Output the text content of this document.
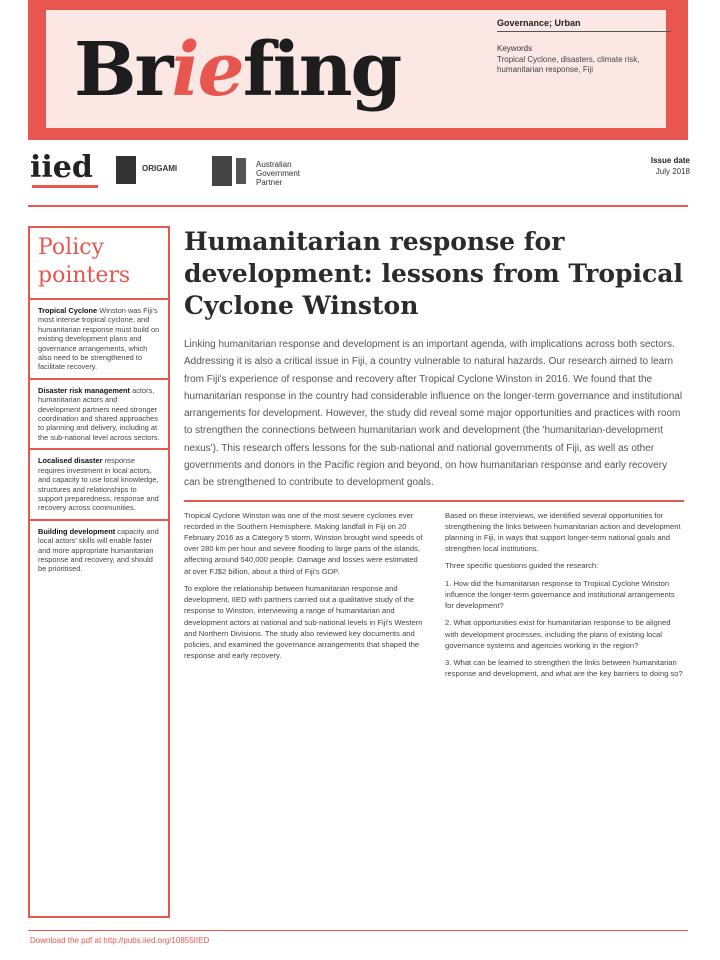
Briefing
Governance; Urban
Keywords
Tropical Cyclone, disasters, climate risk, humanitarian response, Fiji
iied	ORIGAMI	Australian
Government
Partner
Issue date
July 2018
Policy pointers
Tropical Cyclone Winston was Fiji's most intense tropical cyclone, and humanitarian response must build on existing development plans and governance arrangements, which also need to be strengthened to facilitate recovery.
Disaster risk management actors, humanitarian actors and development partners need stronger coordination and shared approaches to planning and delivery, including at the sub-national level across sectors.
Localised disaster response requires investment in local actors, and capacity to use local knowledge, structures and relationships to support preparedness, response and recovery across communities.
Building development capacity and local actors' skills will enable faster and more appropriate humanitarian response and recovery, and should be prioritised.
Humanitarian response for development: lessons from Tropical Cyclone Winston
Linking humanitarian response and development is an important agenda, with implications across both sectors. Addressing it is also a critical issue in Fiji, a country vulnerable to natural hazards. Our research aimed to learn from Fiji's experience of response and recovery after Tropical Cyclone Winston in 2016. We found that the humanitarian response in the country had considerable influence on the longer-term governance and institutional arrangements for development. However, the study did reveal some major opportunities and practices with room to strengthen the connections between humanitarian work and development (the 'humanitarian-development nexus'). This research offers lessons for the sub-national and national governments of Fiji, as well as other governments and donors in the Pacific region and beyond, on how humanitarian response and early recovery can be strengthened to contribute to development goals.

Tropical Cyclone Winston was one of the most severe cyclones ever recorded in the Southern Hemisphere. Making landfall in Fiji on 20 February 2016 as a Category 5 storm, Winston brought wind speeds of over 280 km per hour and severe flooding to large parts of the islands, affecting around 540,000 people. Damage and losses were estimated at over FJ$2 billion, about a third of Fiji's GDP.

To explore the relationship between humanitarian response and development, IIED with partners carried out a qualitative study of the response to Winston, interviewing a range of humanitarian and development actors at national and sub-national levels in Fiji's Western and Northern Divisions. The study also reviewed key documents and policies, and examined the governance arrangements that shaped the response and early recovery.

Based on these interviews, we identified several opportunities for strengthening the links between humanitarian action and development planning in Fiji, in ways that support longer-term national goals and strengthen local institutions.

Three specific questions guided the research:

1. How did the humanitarian response to Tropical Cyclone Winston influence the longer-term governance and institutional arrangements for development?

2. What opportunities exist for humanitarian response to be aligned with development processes, including the plans of existing local governance systems and agencies working in the region?

3. What can be learned to strengthen the links between humanitarian response and development, and what are the key barriers to doing so?

Download the pdf at http://pubs.iied.org/10855IIED
